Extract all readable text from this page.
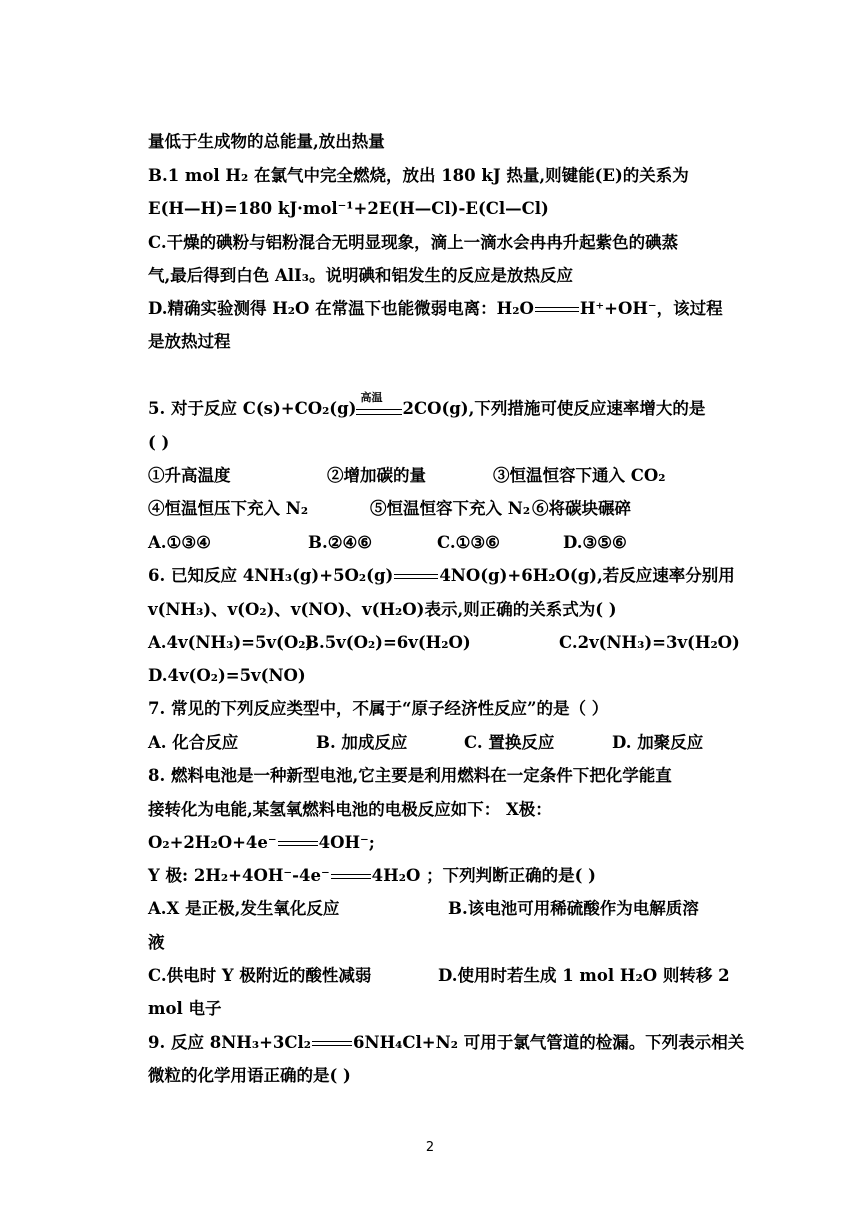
量低于生成物的总能量,放出热量
B.1 mol H₂ 在氯气中完全燃烧，放出 180 kJ 热量,则键能(E)的关系为
E(H—H)=180 kJ·mol⁻¹+2E(H—Cl)-E(Cl—Cl)
C.干燥的碘粉与铝粉混合无明显现象，滴上一滴水会冉冉升起紫色的碘蒸
气,最后得到白色 AlI₃。说明碘和铝发生的反应是放热反应
D.精确实验测得 H₂O 在常温下也能微弱电离：H₂O	H⁺+OH⁻，该过程
是放热过程
5. 对于反应 C(s)+CO₂(g)
高温
2CO(g),下列措施可使反应速率增大的是
( )
①升高温度	②增加碳的量	③恒温恒容下通入 CO₂
④恒温恒压下充入 N₂	⑤恒温恒容下充入 N₂ ⑥将碳块碾碎
A.①③④	B.②④⑥	C.①③⑥	D.③⑤⑥
6. 已知反应 4NH₃(g)+5O₂(g)	4NO(g)+6H₂O(g),若反应速率分别用
v(NH₃)、v(O₂)、v(NO)、v(H₂O)表示,则正确的关系式为( )
A.4v(NH₃)=5v(O₂)
B.5v(O₂)=6v(H₂O)	C.2v(NH₃)=3v(H₂O)
D.4v(O₂)=5v(NO)
7. 常见的下列反应类型中，不属于“原子经济性反应”的是（ ）
A. 化合反应	B. 加成反应	C. 置换反应	D. 加聚反应
8. 燃料电池是一种新型电池,它主要是利用燃料在一定条件下把化学能直
接转化为电能,某氢氧燃料电池的电极反应如下： X极：
O₂+2H₂O+4e⁻	4OH⁻;
Y 极: 2H₂+4OH⁻-4e⁻	4H₂O ；下列判断正确的是( )
A.X 是正极,发生氧化反应	B.该电池可用稀硫酸作为电解质溶
液
C.供电时 Y 极附近的酸性减弱	D.使用时若生成 1 mol H₂O 则转移 2
mol 电子
9. 反应 8NH₃+3Cl₂	6NH₄Cl+N₂ 可用于氯气管道的检漏。下列表示相关
微粒的化学用语正确的是( )
2
